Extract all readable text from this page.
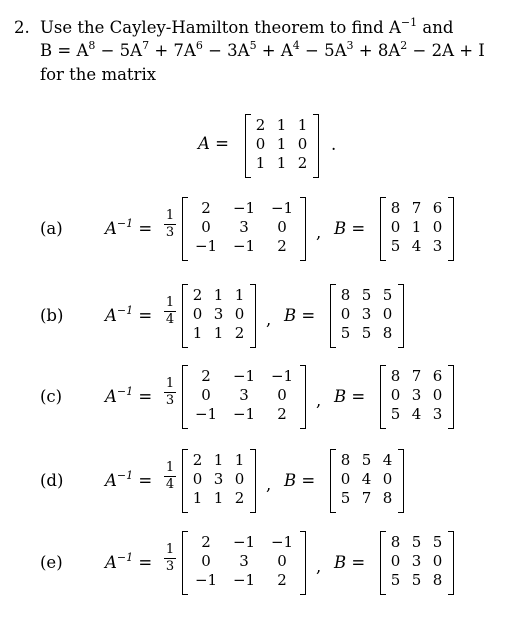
2. Use the Cayley-Hamilton theorem to find $A^{-1}$ and
$B = A^8 - 5A^7 + 7A^6 - 3A^5 + A^4 - 5A^3 + 8A^2 - 2A + I$
for the matrix
A =
2	1	1
0	1	0
1	1	2
.
(a)	$A^{-1}$ =
1
3
2	−1	−1
0	3	0
−1	−1	2
, B =
8	7	6
0	1	0
5	4	3
(b)	$A^{-1}$ =
1
4
2	1	1
0	3	0
1	1	2
, B =
8	5	5
0	3	0
5	5	8
(c)	$A^{-1}$ =
1
3
2	−1	−1
0	3	0
−1	−1	2
, B =
8	7	6
0	3	0
5	4	3
(d)	$A^{-1}$ =
1
4
2	1	1
0	3	0
1	1	2
, B =
8	5	4
0	4	0
5	7	8
(e)	$A^{-1}$ =
1
3
2	−1	−1
0	3	0
−1	−1	2
, B =
8	5	5
0	3	0
5	5	8
